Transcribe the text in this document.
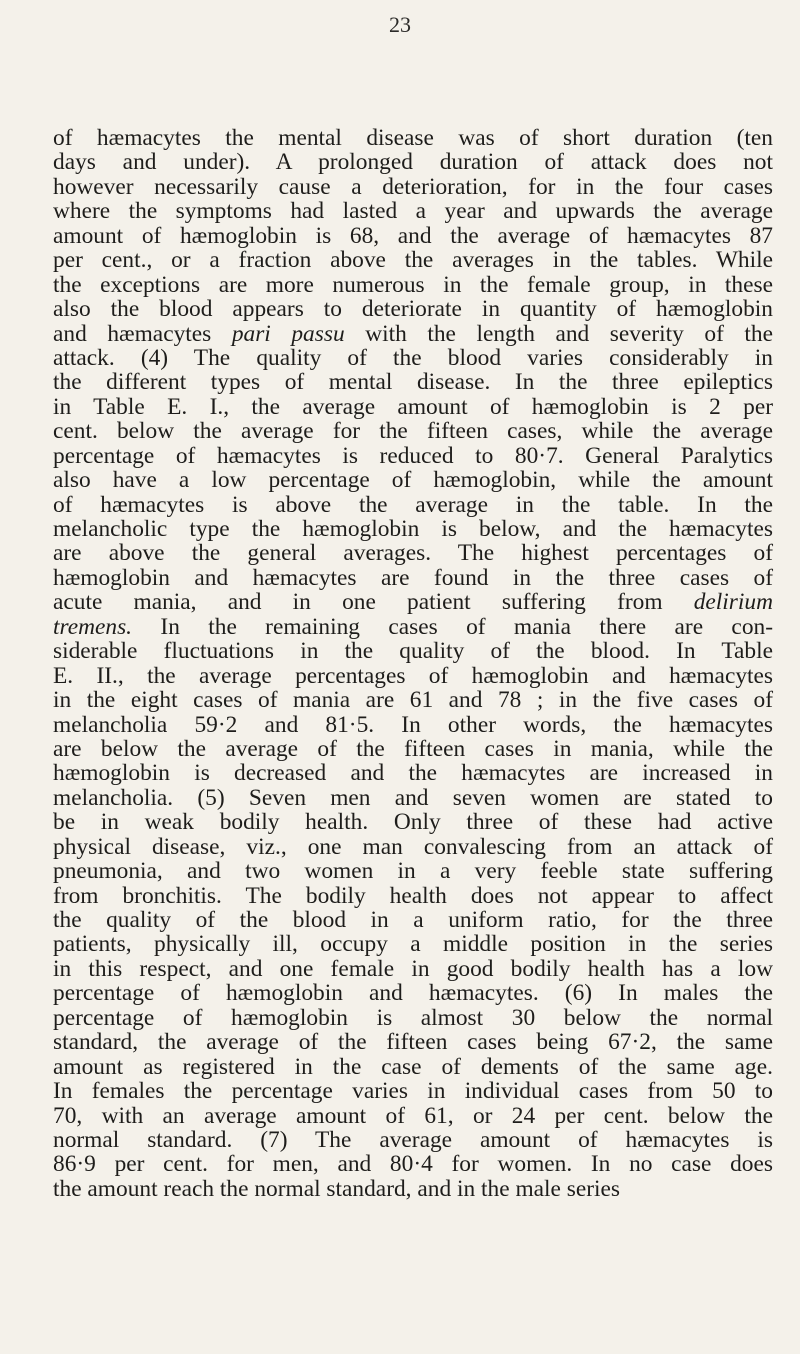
23
of hæmacytes the mental disease was of short duration (ten
days and under). A prolonged duration of attack does not
however necessarily cause a deterioration, for in the four cases
where the symptoms had lasted a year and upwards the average
amount of hæmoglobin is 68, and the average of hæmacytes 87
per cent., or a fraction above the averages in the tables. While
the exceptions are more numerous in the female group, in these
also the blood appears to deteriorate in quantity of hæmoglobin
and hæmacytes pari passu with the length and severity of the
attack. (4) The quality of the blood varies considerably in
the different types of mental disease. In the three epileptics
in Table E. I., the average amount of hæmoglobin is 2 per
cent. below the average for the fifteen cases, while the average
percentage of hæmacytes is reduced to 80·7. General Paralytics
also have a low percentage of hæmoglobin, while the amount
of hæmacytes is above the average in the table. In the
melancholic type the hæmoglobin is below, and the hæmacytes
are above the general averages. The highest percentages of
hæmoglobin and hæmacytes are found in the three cases of
acute mania, and in one patient suffering from delirium
tremens. In the remaining cases of mania there are con-
siderable fluctuations in the quality of the blood. In Table
E. II., the average percentages of hæmoglobin and hæmacytes
in the eight cases of mania are 61 and 78 ; in the five cases of
melancholia 59·2 and 81·5. In other words, the hæmacytes
are below the average of the fifteen cases in mania, while the
hæmoglobin is decreased and the hæmacytes are increased in
melancholia. (5) Seven men and seven women are stated to
be in weak bodily health. Only three of these had active
physical disease, viz., one man convalescing from an attack of
pneumonia, and two women in a very feeble state suffering
from bronchitis. The bodily health does not appear to affect
the quality of the blood in a uniform ratio, for the three
patients, physically ill, occupy a middle position in the series
in this respect, and one female in good bodily health has a low
percentage of hæmoglobin and hæmacytes. (6) In males the
percentage of hæmoglobin is almost 30 below the normal
standard, the average of the fifteen cases being 67·2, the same
amount as registered in the case of dements of the same age.
In females the percentage varies in individual cases from 50 to
70, with an average amount of 61, or 24 per cent. below the
normal standard. (7) The average amount of hæmacytes is
86·9 per cent. for men, and 80·4 for women. In no case does
the amount reach the normal standard, and in the male series
